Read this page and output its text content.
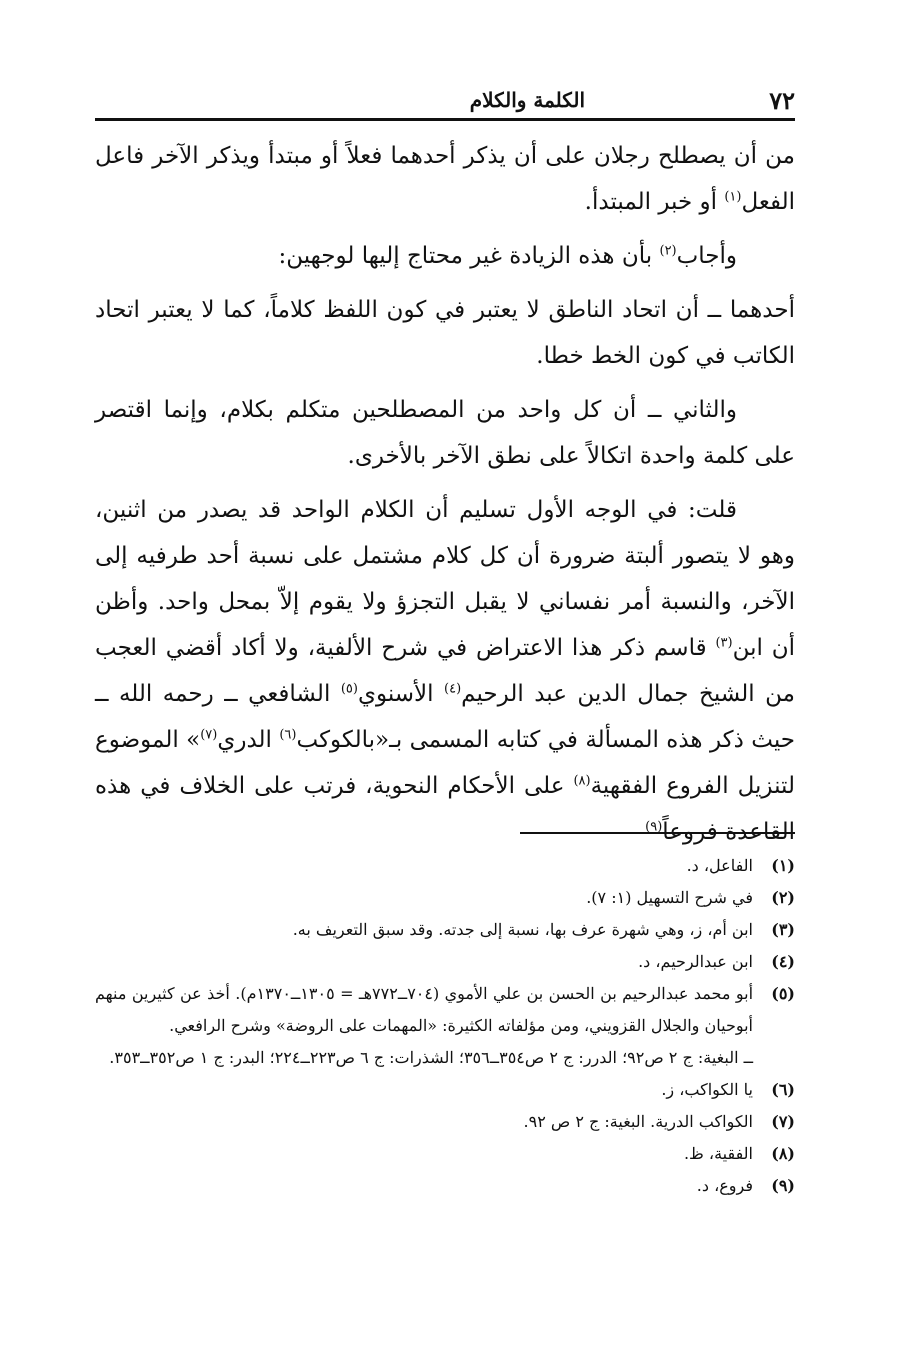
٧٢
الكلمة والكلام

من أن يصطلح رجلان على أن يذكر أحدهما فعلاً أو مبتدأ ويذكر الآخر فاعل الفعل$^{(١)}$ أو خبر المبتدأ.

وأجاب$^{(٢)}$ بأن هذه الزيادة غير محتاج إليها لوجهين:

أحدهما ــ أن اتحاد الناطق لا يعتبر في كون اللفظ كلاماً، كما لا يعتبر اتحاد الكاتب في كون الخط خطا.

والثاني ــ أن كل واحد من المصطلحين متكلم بكلام، وإنما اقتصر على كلمة واحدة اتكالاً على نطق الآخر بالأخرى.

قلت: في الوجه الأول تسليم أن الكلام الواحد قد يصدر من اثنين، وهو لا يتصور ألبتة ضرورة أن كل كلام مشتمل على نسبة أحد طرفيه إلى الآخر، والنسبة أمر نفساني لا يقبل التجزؤ ولا يقوم إلاّ بمحل واحد. وأظن أن ابن$^{(٣)}$ قاسم ذكر هذا الاعتراض في شرح الألفية، ولا أكاد أقضي العجب من الشيخ جمال الدين عبد الرحيم$^{(٤)}$ الأسنوي$^{(٥)}$ الشافعي ــ رحمه الله ــ حيث ذكر هذه المسألة في كتابه المسمى بـ«بالكوكب$^{(٦)}$ الدري$^{(٧)}$» الموضوع لتنزيل الفروع الفقهية$^{(٨)}$ على الأحكام النحوية، فرتب على الخلاف في هذه القاعدة فروعاً$^{(٩)}$

(١)
الفاعل، د.
(٢)
في شرح التسهيل (١: ٧).
(٣)
ابن أم، ز، وهي شهرة عرف بها، نسبة إلى جدته. وقد سبق التعريف به.
(٤)
ابن عبدالرحيم، د.
(٥)
أبو محمد عبدالرحيم بن الحسن بن علي الأموي (٧٠٤ــ٧٧٢هـ = ١٣٠٥ــ١٣٧٠م). أخذ عن كثيرين منهم أبوحيان والجلال القزويني، ومن مؤلفاته الكثيرة: «المهمات على الروضة» وشرح الرافعي.
ــ البغية: ج ٢ ص٩٢؛ الدرر: ج ٢ ص٣٥٤ــ٣٥٦؛ الشذرات: ج ٦ ص٢٢٣ــ٢٢٤؛ البدر: ج ١ ص٣٥٢ــ٣٥٣.
(٦)
يا الكواكب، ز.
(٧)
الكواكب الدرية. البغية: ج ٢ ص ٩٢.
(٨)
الفقية، ظ.
(٩)
فروع، د.
